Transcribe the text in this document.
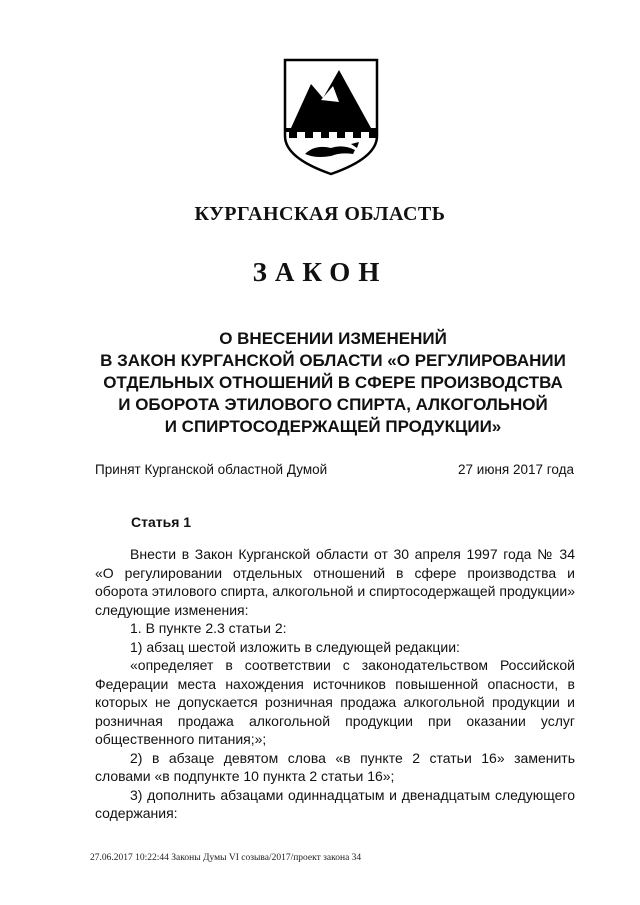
КУРГАНСКАЯ ОБЛАСТЬ
ЗАКОН
О ВНЕСЕНИИ ИЗМЕНЕНИЙ
В ЗАКОН КУРГАНСКОЙ ОБЛАСТИ «О РЕГУЛИРОВАНИИ
ОТДЕЛЬНЫХ ОТНОШЕНИЙ В СФЕРЕ ПРОИЗВОДСТВА
И ОБОРОТА ЭТИЛОВОГО СПИРТА, АЛКОГОЛЬНОЙ
И СПИРТОСОДЕРЖАЩЕЙ ПРОДУКЦИИ»
Принят Курганской областной Думой	27 июня 2017 года
Статья 1

Внести в Закон Курганской области от 30 апреля 1997 года № 34 «О регулировании отдельных отношений в сфере производства и оборота этилового спирта, алкогольной и спиртосодержащей продукции» следующие изменения:

1. В пункте 2.3 статьи 2:

1) абзац шестой изложить в следующей редакции:

«определяет в соответствии с законодательством Российской Федерации места нахождения источников повышенной опасности, в которых не допускается розничная продажа алкогольной продукции и розничная продажа алкогольной продукции при оказании услуг общественного питания;»;

2) в абзаце девятом слова «в пункте 2 статьи 16» заменить словами «в подпункте 10 пункта 2 статьи 16»;

3) дополнить абзацами одиннадцатым и двенадцатым следующего содержания:

27.06.2017 10:22:44 Законы Думы VI созыва/2017/проект закона 34
